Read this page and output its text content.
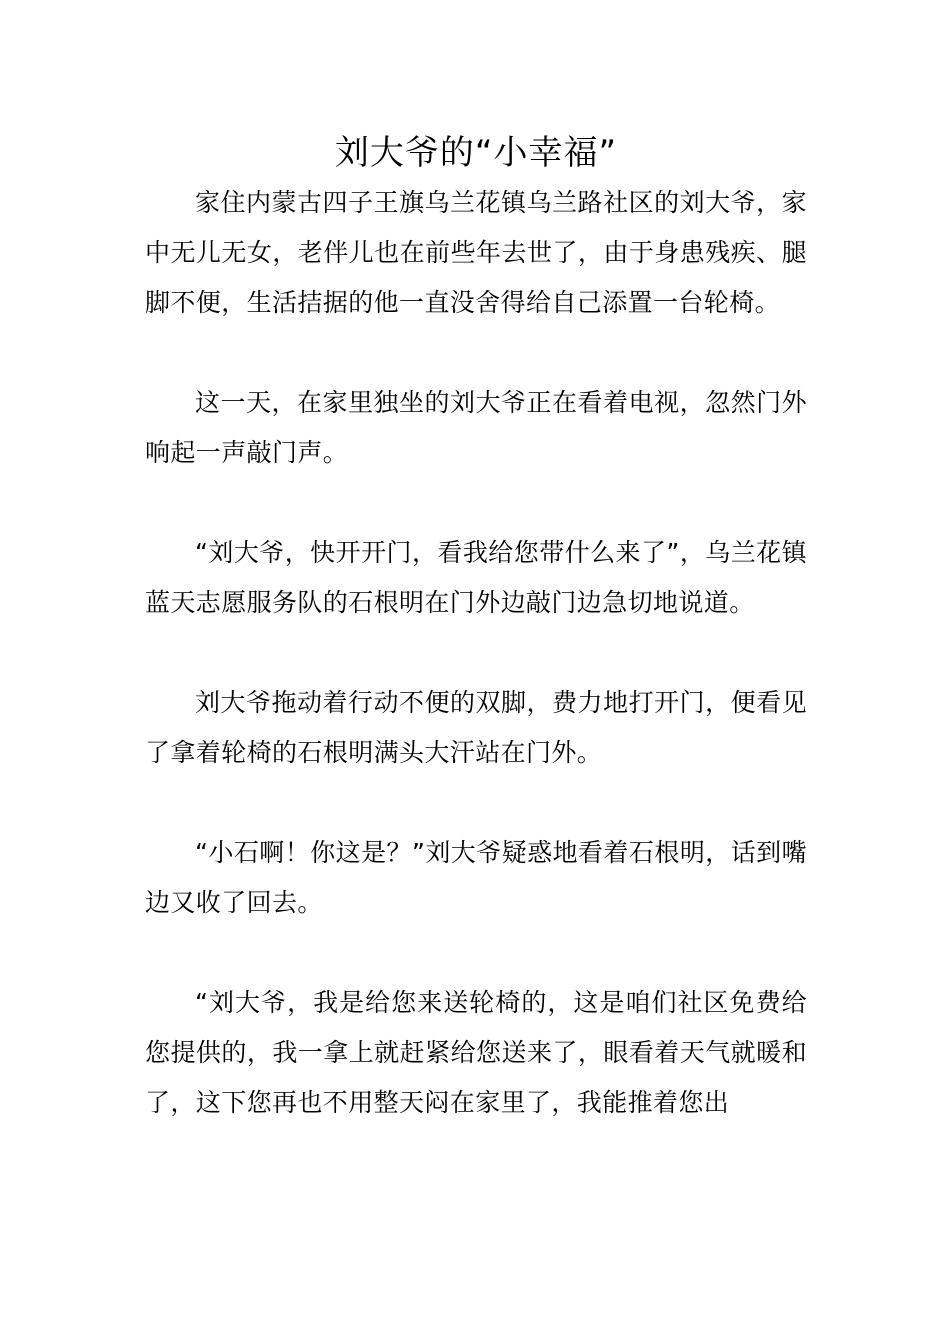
刘大爷的“小幸福”

家住内蒙古四子王旗乌兰花镇乌兰路社区的刘大爷，家中无儿无女，老伴儿也在前些年去世了，由于身患残疾、腿脚不便，生活拮据的他一直没舍得给自己添置一台轮椅。

这一天，在家里独坐的刘大爷正在看着电视，忽然门外响起一声敲门声。

“刘大爷，快开开门，看我给您带什么来了”，乌兰花镇蓝天志愿服务队的石根明在门外边敲门边急切地说道。

刘大爷拖动着行动不便的双脚，费力地打开门，便看见了拿着轮椅的石根明满头大汗站在门外。

“小石啊！你这是？”刘大爷疑惑地看着石根明，话到嘴边又收了回去。

“刘大爷，我是给您来送轮椅的，这是咱们社区免费给您提供的，我一拿上就赶紧给您送来了，眼看着天气就暖和了，这下您再也不用整天闷在家里了，我能推着您出
